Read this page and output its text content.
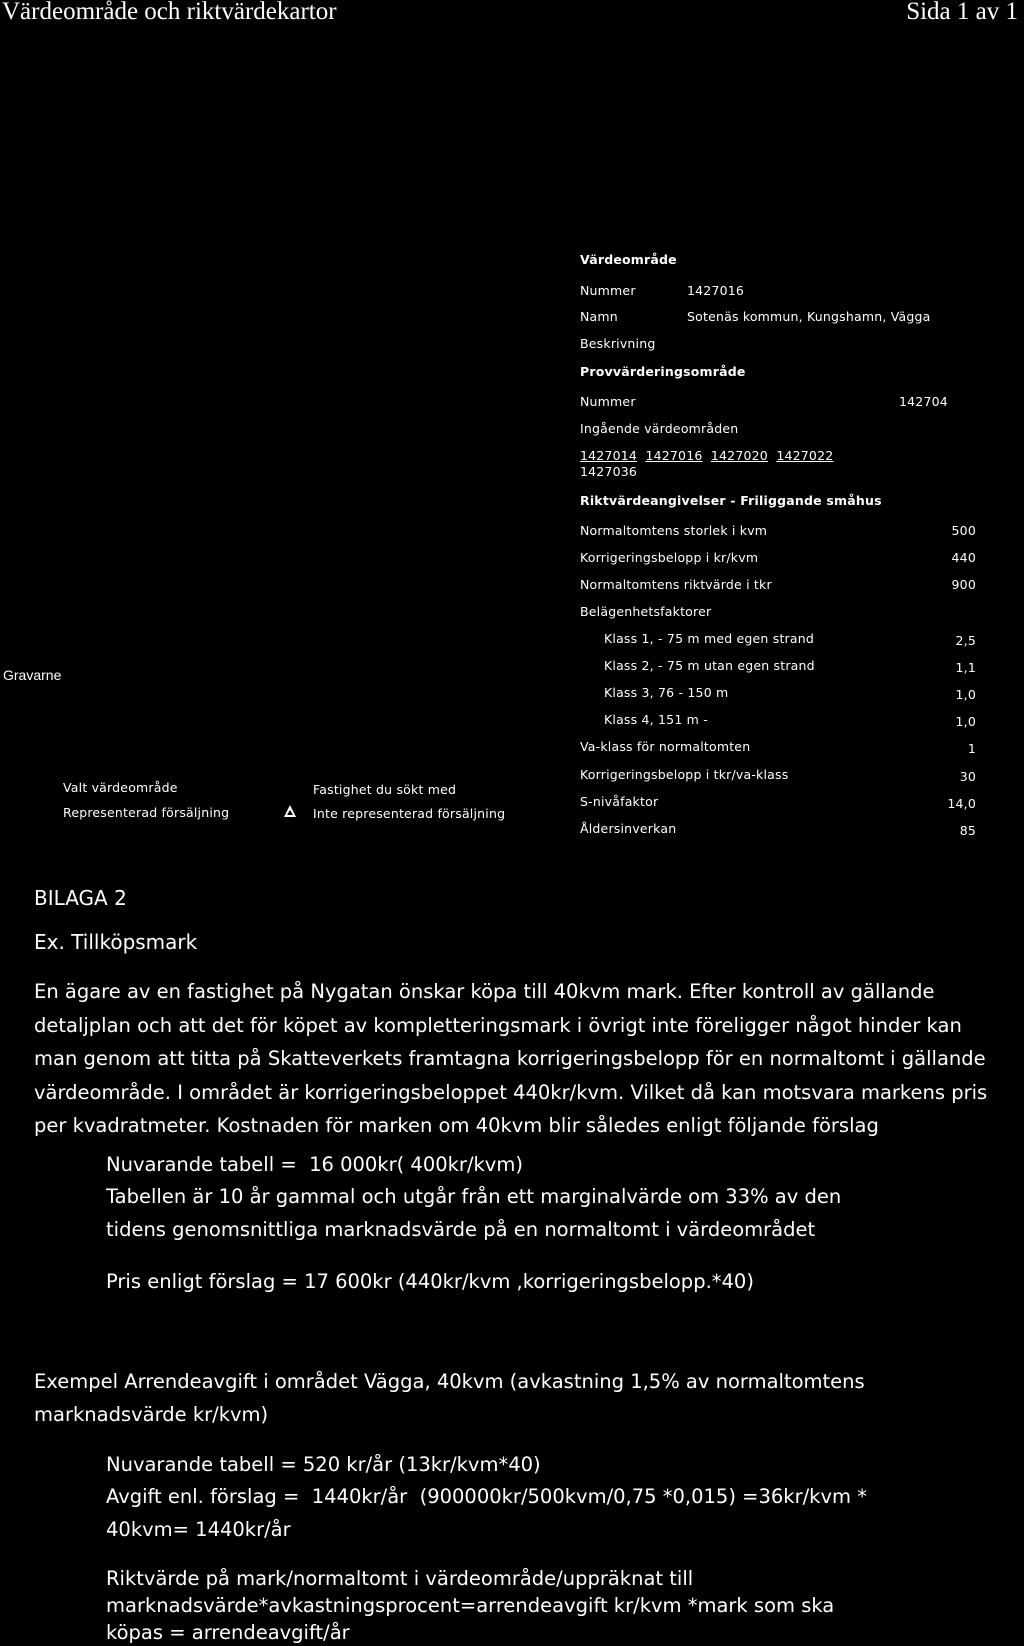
Värdeområde och riktvärdekartor	Sida 1 av 1
Gravarne
Värdeområde
Nummer	1427016
Namn	Sotenäs kommun, Kungshamn, Vägga
Beskrivning
Provvärderingsområde
Nummer	142704
Ingående värdeområden
1427014 1427016 1427020 1427022
1427036
Riktvärdeangivelser - Friliggande småhus
Normaltomtens storlek i kvm	500
Korrigeringsbelopp i kr/kvm	440
Normaltomtens riktvärde i tkr	900
Belägenhetsfaktorer
Klass 1, - 75 m med egen strand	2,5
Klass 2, - 75 m utan egen strand	1,1
Klass 3, 76 - 150 m	1,0
Klass 4, 151 m -	1,0
Va-klass för normaltomten	1
Korrigeringsbelopp i tkr/va-klass	30
S-nivåfaktor	14,0
Åldersinverkan	85
Valt värdeområde
Representerad försäljning
Fastighet du sökt med
Inte representerad försäljning
BILAGA 2
Ex. Tillköpsmark
En ägare av en fastighet på Nygatan önskar köpa till 40kvm mark. Efter kontroll av gällande detaljplan och att det för köpet av kompletteringsmark i övrigt inte föreligger något hinder kan man genom att titta på Skatteverkets framtagna korrigeringsbelopp för en normaltomt i gällande värdeområde. I området är korrigeringsbeloppet 440kr/kvm. Vilket då kan motsvara markens pris per kvadratmeter. Kostnaden för marken om 40kvm blir således enligt följande förslag
Nuvarande tabell =  16 000kr( 400kr/kvm)
Tabellen är 10 år gammal och utgår från ett marginalvärde om 33% av den tidens genomsnittliga marknadsvärde på en normaltomt i värdeområdet
Pris enligt förslag = 17 600kr (440kr/kvm ,korrigeringsbelopp.*40)
Exempel Arrendeavgift i området Vägga, 40kvm (avkastning 1,5% av normaltomtens marknadsvärde kr/kvm)
Nuvarande tabell = 520 kr/år (13kr/kvm*40)
Avgift enl. förslag =  1440kr/år  (900000kr/500kvm/0,75 *0,015) =36kr/kvm * 40kvm= 1440kr/år
Riktvärde på mark/normaltomt i värdeområde/uppräknat till marknadsvärde*avkastningsprocent=arrendeavgift kr/kvm *mark som ska köpas = arrendeavgift/år
